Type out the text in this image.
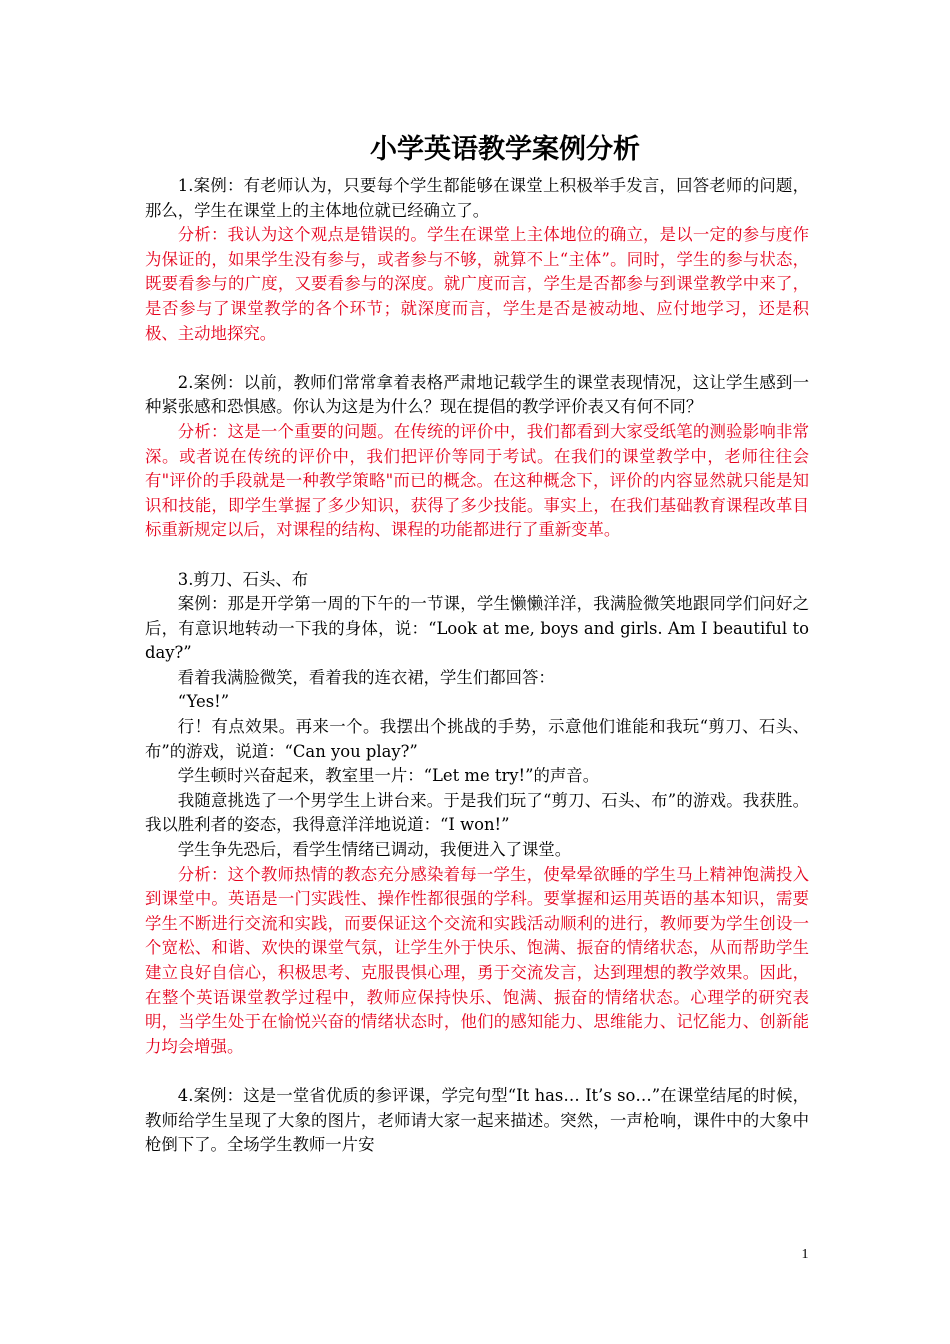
小学英语教学案例分析

1.案例：有老师认为，只要每个学生都能够在课堂上积极举手发言，回答老师的问题，那么，学生在课堂上的主体地位就已经确立了。

分析：我认为这个观点是错误的。学生在课堂上主体地位的确立，是以一定的参与度作为保证的，如果学生没有参与，或者参与不够，就算不上“主体”。同时，学生的参与状态，既要看参与的广度，又要看参与的深度。就广度而言，学生是否都参与到课堂教学中来了，是否参与了课堂教学的各个环节；就深度而言，学生是否是被动地、应付地学习，还是积极、主动地探究。

2.案例：以前，教师们常常拿着表格严肃地记载学生的课堂表现情况，这让学生感到一种紧张感和恐惧感。你认为这是为什么？现在提倡的教学评价表又有何不同？

分析：这是一个重要的问题。在传统的评价中，我们都看到大家受纸笔的测验影响非常深。或者说在传统的评价中，我们把评价等同于考试。在我们的课堂教学中，老师往往会有"评价的手段就是一种教学策略"而已的概念。在这种概念下，评价的内容显然就只能是知识和技能，即学生掌握了多少知识，获得了多少技能。事实上，在我们基础教育课程改革目标重新规定以后，对课程的结构、课程的功能都进行了重新变革。

3.剪刀、石头、布

案例：那是开学第一周的下午的一节课，学生懒懒洋洋，我满脸微笑地跟同学们问好之后，有意识地转动一下我的身体，说：“Look at me, boys and girls. Am I beautiful today?”

看着我满脸微笑，看着我的连衣裙，学生们都回答：

“Yes!”

行！有点效果。再来一个。我摆出个挑战的手势，示意他们谁能和我玩“剪刀、石头、布”的游戏，说道：“Can you play?”

学生顿时兴奋起来，教室里一片：“Let me try!”的声音。

我随意挑选了一个男学生上讲台来。于是我们玩了“剪刀、石头、布”的游戏。我获胜。我以胜利者的姿态，我得意洋洋地说道：“I won!”

学生争先恐后，看学生情绪已调动，我便进入了课堂。

分析：这个教师热情的教态充分感染着每一学生，使晕晕欲睡的学生马上精神饱满投入到课堂中。英语是一门实践性、操作性都很强的学科。要掌握和运用英语的基本知识，需要学生不断进行交流和实践，而要保证这个交流和实践活动顺利的进行，教师要为学生创设一个宽松、和谐、欢快的课堂气氛，让学生外于快乐、饱满、振奋的情绪状态，从而帮助学生建立良好自信心，积极思考、克服畏惧心理，勇于交流发言，达到理想的教学效果。因此，在整个英语课堂教学过程中，教师应保持快乐、饱满、振奋的情绪状态。心理学的研究表明，当学生处于在愉悦兴奋的情绪状态时，他们的感知能力、思维能力、记忆能力、创新能力均会增强。

4.案例：这是一堂省优质的参评课，学完句型“It has… It’s so…”在课堂结尾的时候，教师给学生呈现了大象的图片，老师请大家一起来描述。突然，一声枪响，课件中的大象中枪倒下了。全场学生教师一片安

1
